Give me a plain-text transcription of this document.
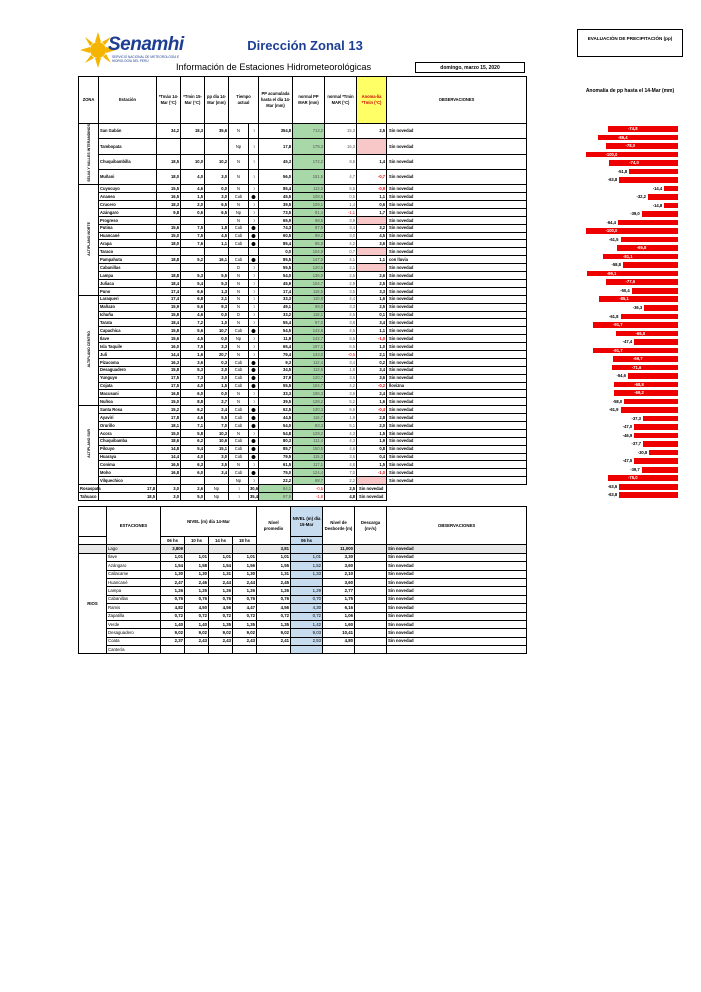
Senamhi
SERVICIO NACIONAL DE METEOROLOGÍA E HIDROLOGÍA DEL PERÚ
Dirección Zonal 13	EVALUACIÓN DE PRECIPITACIÓN (pp)
Información de Estaciones Hidrometeorológicas	domingo, marzo 15, 2020
Anomalía de pp hasta el 14-Mar (mm)
ZONA	Estación	*Tmáx 14-Mar (°C)	*Tmin 15-Mar (°C)	pp día 14-Mar (mm)	Tiempo actual		PP acumulada hasta el día 14-Mar (mm)	normal PP MAR (mm)	normal *Tmin MAR (°C)	Anoma-lía *Tmin (°C)	OBSERVACIONES
SELVA Y VALLES INTERANDINOS	San Gabán	34,2	18,3	35,6	N	☽	354,8	713,2	15,3	2,5	Sin novedad
	Tambopata				Np	☽	17,8	179,3	16,3		Sin novedad
	Chuquibambilla	18,5	10,0	10,2	N	☽	45,3	172,2	8,6	1,4	Sin novedad
	Muñani	18,0	4,0	3,0	N	☽	56,0	151,5	4,7	-0,7	Sin novedad
ALTIPLANO NORTE	Cuyocuyo	15,5	4,6	0,0	N	☽	85,4	113,0	5,5	-0,9	Sin novedad
	Ananea	16,5	1,5	3,0	Cub	⬤	45,5	108,6	0,5	1,1	Sin novedad
	Crucero	18,3	2,0	6,5	N	☽	39,5	109,1	1,4	0,6	Sin novedad
	Azángaro	9,8	0,6	6,5	Np	☽	73,5	91,4	-1,1	1,7	Sin novedad
	Progreso				N	☽	65,9	98,5	3,9		Sin novedad
	Putina	15,6	7,5	1,8	Cub	⬤	74,3	87,0	3,4	3,2	Sin novedad
	Huancané	15,0	7,5	4,5	Cub	⬤	60,5	99,2	3,0	4,5	Sin novedad
	Arapa	18,0	7,6	1,1	Cub	⬤	85,4	85,8	4,2	3,6	Sin novedad
	Taraco						0,0	104,9	0,7		Sin novedad
	Pampahuta	18,8	5,2	16,1	Cub	⬤	85,5	147,0	4,1	1,1	con lluvia
	Cabanillas				D	☽	55,5	120,6	2,1		Sin novedad
	Lampa	18,8	5,3	5,5	N	☽	54,0	136,0	2,6	2,6	Sin novedad
	Juliaca	18,4	5,4	5,3	N	☽	45,9	104,7	2,9	2,5	Sin novedad
	Puno	17,4	6,6	1,3	N	☽	17,4	116,5	3,5	3,3	Sin novedad
ALTIPLANO CENTRO	Laraqueri	17,4	6,8	2,1	N	☽	33,3	110,9	4,4	1,6	Sin novedad
	Mañazo	15,9	5,6	9,3	N	☽	49,1	99,0	3,3	2,5	Sin novedad
	Ichuña	15,8	4,6	0,0	D	☽	33,2	118,1	4,5	0,1	Sin novedad
	Tarata	18,4	7,2	1,0	N	☽	55,4	87,0	3,8	3,4	Sin novedad
	Capachica	15,8	5,6	10,7	Cub	⬤	54,5	142,8	4,5	1,1	Sin novedad
	Ilave	15,6	4,5	0,0	Np	☽	11,9	142,7	5,5	-1,0	Sin novedad
	Isla Taquile	16,0	7,5	3,3	N	☽	65,4	197,1	6,5	1,0	Sin novedad
	Juli	14,4	1,6	20,7	N	☽	79,4	133,0	-0,5	2,1	Sin novedad
	Pizacoma	16,3	3,6	0,3	Cub	⬤	9,3	112,4	3,4	0,2	Sin novedad
	Desaguadero	15,8	5,3	2,0	Cub	⬤	34,5	113,6	1,8	3,4	Sin novedad
	Yunguyo	17,5	7,3	3,0	Cub	⬤	37,9	120,7	3,6	3,6	Sin novedad
	Cojata	17,5	4,0	1,5	Cub	⬤	55,5	104,7	4,2	-0,2	llovizna
	Macusani	16,8	6,0	0,0	N	☽	33,3	106,3	3,6	2,4	Sin novedad
	Nuñoa	15,0	8,8	2,7	N	☽	39,5	128,2	5,2	1,6	Sin novedad
ALTIPLANO SUR	Santa Rosa	15,2	6,2	2,4	Cub	⬤	62,5	130,3	6,6	-0,4	Sin novedad
	Ayaviri	17,8	4,6	5,5	Cub	⬤	44,5	116,7	1,8	2,8	Sin novedad
	Orurillo	18,1	7,1	7,0	Cub	⬤	54,0	83,3	5,1	2,0	Sin novedad
	Acora	15,0	5,8	10,3	N	☽	54,8	129,2	4,3	1,5	Sin novedad
	Chuquibamba	18,6	6,2	10,6	Cub	⬤	80,3	111,4	4,3	1,9	Sin novedad
	Pilcuyo	14,8	5,4	15,1	Cub	⬤	85,7	150,5	4,6	0,8	Sin novedad
	Huaraya	14,4	4,0	3,0	Cub	⬤	79,5	115,3	3,6	0,4	Sin novedad
	Conima	16,5	6,3	3,5	N	☽	61,5	117,1	4,8	1,5	Sin novedad
	Moho	16,8	6,0	3,4	Cub	⬤	75,0	124,4	7,0	-1,0	Sin novedad
	Vilquechico				Np	☽	22,2	88,7	2,2		Sin novedad
Rosaspata	17,8	3,0	2,6	Np	☽	30,6	84,1	-0,5	2,5	Sin novedad	
Tahuaco	18,5	3,0	5,0	Np	☽	35,4	97,9	-1,8	4,8	Sin novedad	
-74,8
-86,4
-78,0
-100,0
-74,0
-51,8
-63,8
-14,4
-32,2
-14,8
-39,0
-64,4
-100,0
-61,5
-65,8
-81,1
-58,8
-99,1
-77,6
-50,4
-85,1
-36,3
-61,8
-91,7
-66,8
-47,4
-91,7
-69,7
-71,6
-54,6
-68,8
-69,2
-58,0
-61,9
-37,3
-47,0
-46,9
-37,7
-30,8
-47,5
-39,7
-75,0
-63,6
-63,8
	ESTACIONES	NIVEL (m) día 14-Mar				Nivel promedio	NIVEL (m) día 15-Mar	Nivel de Desborde (m)	Descarga (m³/s)	OBSERVACIONES
		06 hs	10 hs	14 hs	18 hs		06 hs			
	Lago	3,809				3,81		11,000		Sin novedad
RIOS	Ilave	1,01	1,01	1,01	1,01	1,01	1,01	3,30		Sin novedad
	Azángaro	1,54	1,58	1,54	1,56	1,55	1,52	3,60		Sin novedad
	Callacame	1,30	1,30	1,31	1,30	1,31	1,33	2,10		Sin novedad
	Huancané	2,47	2,46	2,44	2,44	2,45		3,60		Sin novedad
	Lampa	1,26	1,25	1,26	1,26	1,26	1,29	2,77		Sin novedad
	Cabanillas	0,76	0,76	0,76	0,76	0,76	0,70	1,75		Sin novedad
	Ramis	4,82	4,50	4,56	4,47	4,56	4,30	6,16		Sin novedad
	Zapatilla	0,72	0,72	0,72	0,72	0,72	0,72	1,06		Sin novedad
	Verde	1,40	1,40	1,35	1,35	1,35	1,42	1,60		Sin novedad
	Desaguadero	9,02	9,02	9,02	9,02	9,02	9,03	10,41		Sin novedad
	Coata	2,37	2,43	2,43	2,43	2,41	2,53	4,80		Sin novedad
	Cantería									
